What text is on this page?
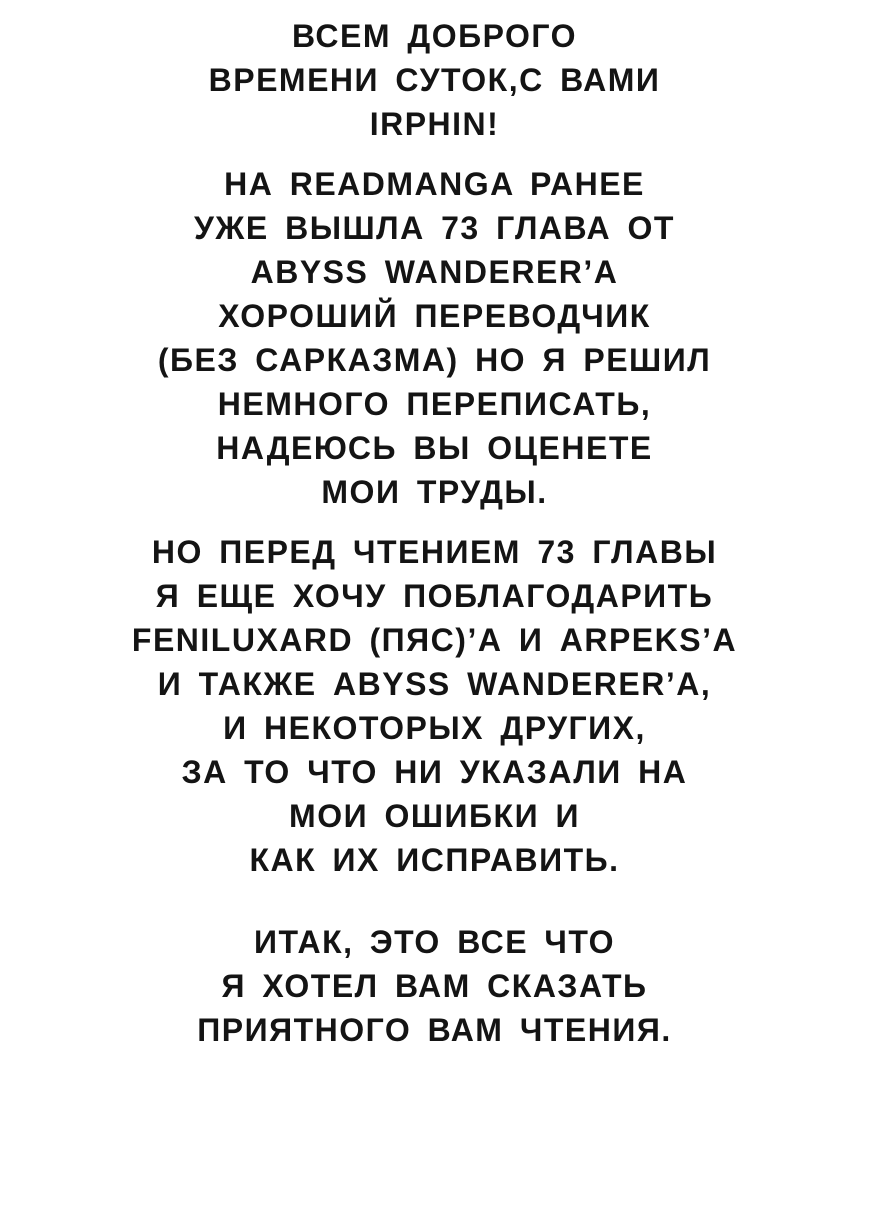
ВСЕМ ДОБРОГО
ВРЕМЕНИ СУТОК,С ВАМИ
IRPHIN!
НА READMANGA РАНЕЕ
УЖЕ ВЫШЛА 73 ГЛАВА ОТ
ABYSS WANDERER’А
ХОРОШИЙ ПЕРЕВОДЧИК
(БЕЗ САРКАЗМА) НО Я РЕШИЛ
НЕМНОГО ПЕРЕПИСАТЬ,
НАДЕЮСЬ ВЫ ОЦЕНЕТЕ
МОИ ТРУДЫ.
НО ПЕРЕД ЧТЕНИЕМ 73 ГЛАВЫ
Я ЕЩЕ ХОЧУ ПОБЛАГОДАРИТЬ
FENILUXARD (ПЯС)’А И ARPEKS’А
И ТАКЖЕ ABYSS WANDERER’А,
И НЕКОТОРЫХ ДРУГИХ,
ЗА ТО ЧТО НИ УКАЗАЛИ НА
МОИ ОШИБКИ И
КАК ИХ ИСПРАВИТЬ.
ИТАК, ЭТО ВСЕ ЧТО
Я ХОТЕЛ ВАМ СКАЗАТЬ
ПРИЯТНОГО ВАМ ЧТЕНИЯ.
